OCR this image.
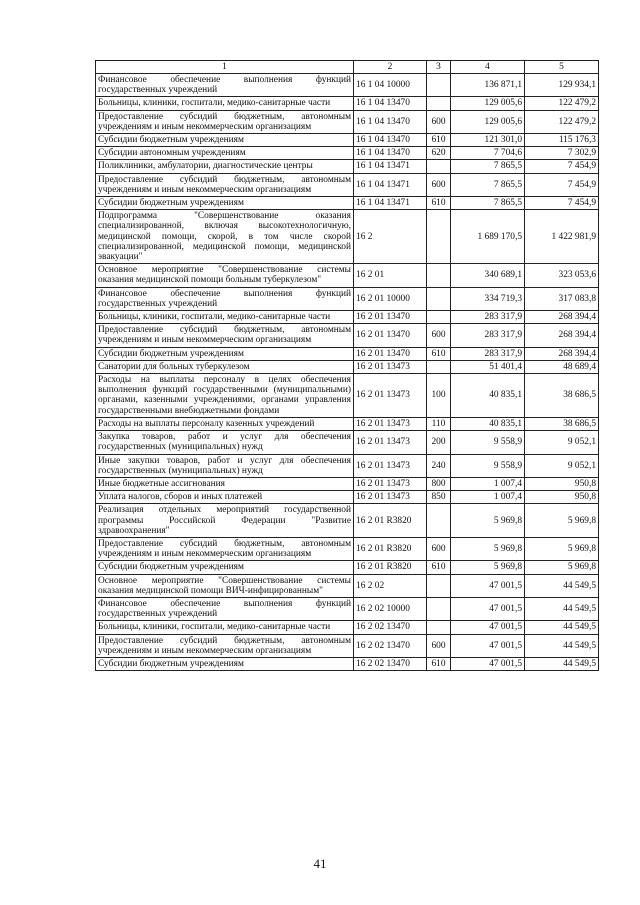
1	2	3	4	5
Финансовое обеспечение выполнения функций государственных учреждений	16 1 04 10000		136 871,1	129 934,1
Больницы, клиники, госпитали, медико-санитарные части	16 1 04 13470		129 005,6	122 479,2
Предоставление субсидий бюджетным, автономным учреждениям и иным некоммерческим организациям	16 1 04 13470	600	129 005,6	122 479,2
Субсидии бюджетным учреждениям	16 1 04 13470	610	121 301,0	115 176,3
Субсидии автономным учреждениям	16 1 04 13470	620	7 704,6	7 302,9
Поликлиники, амбулатории, диагностические центры	16 1 04 13471		7 865,5	7 454,9
Предоставление субсидий бюджетным, автономным учреждениям и иным некоммерческим организациям	16 1 04 13471	600	7 865,5	7 454,9
Субсидии бюджетным учреждениям	16 1 04 13471	610	7 865,5	7 454,9
Подпрограмма "Совершенствование оказания специализированной, включая высокотехнологичную, медицинской помощи, скорой, в том числе скорой специализированной, медицинской помощи, медицинской эвакуации"	16 2		1 689 170,5	1 422 981,9
Основное мероприятие "Совершенствование системы оказания медицинской помощи больным туберкулезом"	16 2 01		340 689,1	323 053,6
Финансовое обеспечение выполнения функций государственных учреждений	16 2 01 10000		334 719,3	317 083,8
Больницы, клиники, госпитали, медико-санитарные части	16 2 01 13470		283 317,9	268 394,4
Предоставление субсидий бюджетным, автономным учреждениям и иным некоммерческим организациям	16 2 01 13470	600	283 317,9	268 394,4
Субсидии бюджетным учреждениям	16 2 01 13470	610	283 317,9	268 394,4
Санатории для больных туберкулезом	16 2 01 13473		51 401,4	48 689,4
Расходы на выплаты персоналу в целях обеспечения выполнения функций государственными (муниципальными) органами, казенными учреждениями, органами управления государственными внебюджетными фондами	16 2 01 13473	100	40 835,1	38 686,5
Расходы на выплаты персоналу казенных учреждений	16 2 01 13473	110	40 835,1	38 686,5
Закупка товаров, работ и услуг для обеспечения государственных (муниципальных) нужд	16 2 01 13473	200	9 558,9	9 052,1
Иные закупки товаров, работ и услуг для обеспечения государственных (муниципальных) нужд	16 2 01 13473	240	9 558,9	9 052,1
Иные бюджетные ассигнования	16 2 01 13473	800	1 007,4	950,8
Уплата налогов, сборов и иных платежей	16 2 01 13473	850	1 007,4	950,8
Реализация отдельных мероприятий государственной программы Российской Федерации "Развитие здравоохранения"	16 2 01 R3820		5 969,8	5 969,8
Предоставление субсидий бюджетным, автономным учреждениям и иным некоммерческим организациям	16 2 01 R3820	600	5 969,8	5 969,8
Субсидии бюджетным учреждениям	16 2 01 R3820	610	5 969,8	5 969,8
Основное мероприятие "Совершенствование системы оказания медицинской помощи ВИЧ-инфицированным"	16 2 02		47 001,5	44 549,5
Финансовое обеспечение выполнения функций государственных учреждений	16 2 02 10000		47 001,5	44 549,5
Больницы, клиники, госпитали, медико-санитарные части	16 2 02 13470		47 001,5	44 549,5
Предоставление субсидий бюджетным, автономным учреждениям и иным некоммерческим организациям	16 2 02 13470	600	47 001,5	44 549,5
Субсидии бюджетным учреждениям	16 2 02 13470	610	47 001,5	44 549,5
41
